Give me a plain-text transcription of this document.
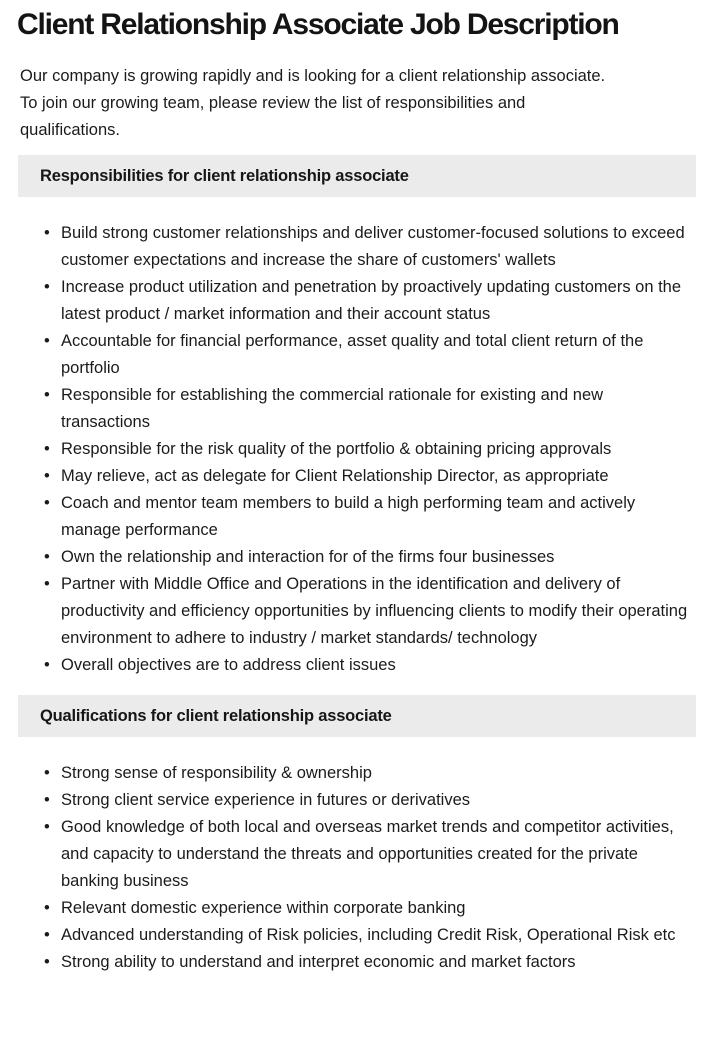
Client Relationship Associate Job Description
Our company is growing rapidly and is looking for a client relationship associate.
To join our growing team, please review the list of responsibilities and
qualifications.
Responsibilities for client relationship associate
• Build strong customer relationships and deliver customer-focused solutions to exceed customer expectations and increase the share of customers' wallets
• Increase product utilization and penetration by proactively updating customers on the latest product / market information and their account status
• Accountable for financial performance, asset quality and total client return of the portfolio
• Responsible for establishing the commercial rationale for existing and new transactions
• Responsible for the risk quality of the portfolio & obtaining pricing approvals
• May relieve, act as delegate for Client Relationship Director, as appropriate
• Coach and mentor team members to build a high performing team and actively manage performance
• Own the relationship and interaction for of the firms four businesses
• Partner with Middle Office and Operations in the identification and delivery of productivity and efficiency opportunities by influencing clients to modify their operating environment to adhere to industry / market standards/ technology
• Overall objectives are to address client issues
Qualifications for client relationship associate
• Strong sense of responsibility & ownership
• Strong client service experience in futures or derivatives
• Good knowledge of both local and overseas market trends and competitor activities, and capacity to understand the threats and opportunities created for the private banking business
• Relevant domestic experience within corporate banking
• Advanced understanding of Risk policies, including Credit Risk, Operational Risk etc
• Strong ability to understand and interpret economic and market factors
